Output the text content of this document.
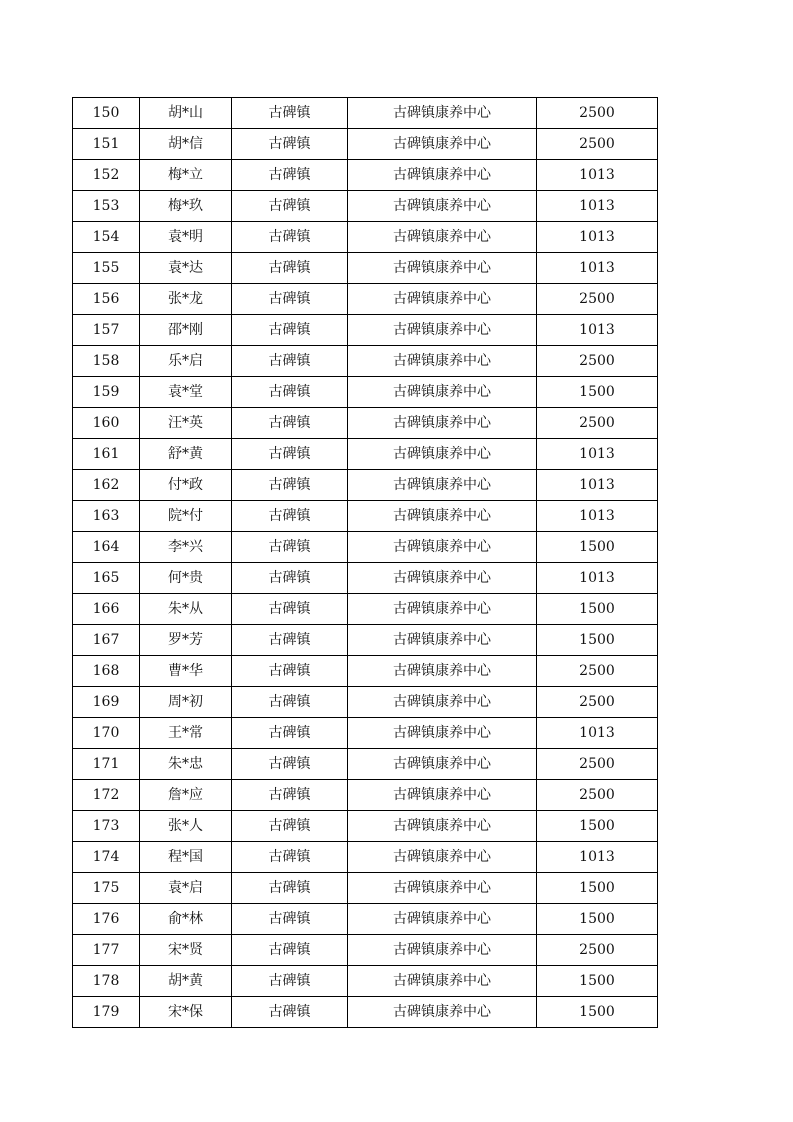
150	胡*山	古碑镇	古碑镇康养中心	2500
151	胡*信	古碑镇	古碑镇康养中心	2500
152	梅*立	古碑镇	古碑镇康养中心	1013
153	梅*玖	古碑镇	古碑镇康养中心	1013
154	袁*明	古碑镇	古碑镇康养中心	1013
155	袁*达	古碑镇	古碑镇康养中心	1013
156	张*龙	古碑镇	古碑镇康养中心	2500
157	邵*刚	古碑镇	古碑镇康养中心	1013
158	乐*启	古碑镇	古碑镇康养中心	2500
159	袁*堂	古碑镇	古碑镇康养中心	1500
160	汪*英	古碑镇	古碑镇康养中心	2500
161	舒*黄	古碑镇	古碑镇康养中心	1013
162	付*政	古碑镇	古碑镇康养中心	1013
163	院*付	古碑镇	古碑镇康养中心	1013
164	李*兴	古碑镇	古碑镇康养中心	1500
165	何*贵	古碑镇	古碑镇康养中心	1013
166	朱*从	古碑镇	古碑镇康养中心	1500
167	罗*芳	古碑镇	古碑镇康养中心	1500
168	曹*华	古碑镇	古碑镇康养中心	2500
169	周*初	古碑镇	古碑镇康养中心	2500
170	王*常	古碑镇	古碑镇康养中心	1013
171	朱*忠	古碑镇	古碑镇康养中心	2500
172	詹*应	古碑镇	古碑镇康养中心	2500
173	张*人	古碑镇	古碑镇康养中心	1500
174	程*国	古碑镇	古碑镇康养中心	1013
175	袁*启	古碑镇	古碑镇康养中心	1500
176	俞*林	古碑镇	古碑镇康养中心	1500
177	宋*贤	古碑镇	古碑镇康养中心	2500
178	胡*黄	古碑镇	古碑镇康养中心	1500
179	宋*保	古碑镇	古碑镇康养中心	1500
